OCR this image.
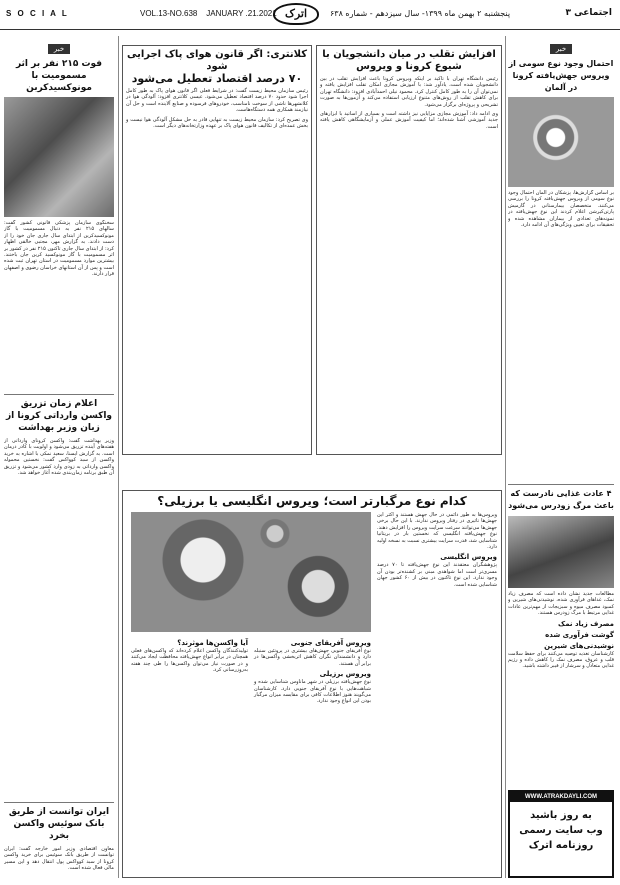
S O C I A L	VOL.13-NO.638 JANUARY .21.2021 اترک	پنجشنبه ۲ بهمن ماه ۱۳۹۹- سال سیزدهم - شماره ۶۳۸	اجتماعی ۳
خبر
فوت ۲۱۵ نفر بر اثر مسمومیت با مونوکسیدکربن
سخنگوی سازمان پزشکی قانونی کشور گفت: سالهای ۲۱۵ نفر به دنبال مسمومیت با گاز مونوکسیدکربن از ابتدای سال جاری جان خود را از دست دادند. به گزارش مهر، مجتبی خالقی اظهار کرد: از ابتدای سال جاری تاکنون ۲۱۵ نفر در کشور بر اثر مسمومیت با گاز مونوکسید کربن جان باختند. بیشترین موارد مسمومیت در استان تهران ثبت شده است و پس از آن استانهای خراسان رضوی و اصفهان قرار دارند.
اعلام زمان تزریق واکسن وارداتی کرونا از زبان وزیر بهداشت
وزیر بهداشت گفت: واکسن کرونای وارداتی از هفته‌های آینده تزریق می‌شود و اولویت با کادر درمان است. به گزارش ایسنا، سعید نمکی با اشاره به خرید واکسن از سبد کوواکس گفت: نخستین محموله واکسن وارداتی به زودی وارد کشور می‌شود و تزریق آن طبق برنامه زمان‌بندی شده آغاز خواهد شد.
ایران توانست از طریق بانک سوئیس واکسن بخرد
معاون اقتصادی وزیر امور خارجه گفت: ایران توانست از طریق بانک سوئیس برای خرید واکسن کرونا از سبد کوواکس پول انتقال دهد و این مسیر مالی فعال شده است.
کلانتری: اگر قانون هوای پاک اجرایی شود
۷۰ درصد اقتصاد تعطیل می‌شود
رئیس سازمان محیط زیست گفت: در شرایط فعلی اگر قانون هوای پاک به طور کامل اجرا شود حدود ۷۰ درصد اقتصاد تعطیل می‌شود. عیسی کلانتری افزود: آلودگی هوا در کلانشهرها ناشی از سوخت نامناسب، خودروهای فرسوده و صنایع آلاینده است و حل آن نیازمند همکاری همه دستگاه‌هاست.
وی تصریح کرد: سازمان محیط زیست به تنهایی قادر به حل مشکل آلودگی هوا نیست و بخش عمده‌ای از تکالیف قانون هوای پاک بر عهده وزارتخانه‌های دیگر است.
افزایش تقلب در میان دانشجویان با شیوع کرونا و ویروس
رئیس دانشگاه تهران با تاکید بر اینکه ویروس کرونا باعث افزایش تقلب در بین دانشجویان شده است، یادآور شد: با آموزش مجازی امکان تقلب افزایش یافته و نمی‌توان آن را به طور کامل کنترل کرد. محمود نیلی احمدآبادی افزود: دانشگاه تهران برای کاهش تقلب از روش‌های متنوع ارزیابی استفاده می‌کند و آزمون‌ها به صورت تشریحی و پروژه‌ای برگزار می‌شود.
وی ادامه داد: آموزش مجازی مزایایی نیز داشته است و بسیاری از اساتید با ابزارهای جدید آموزشی آشنا شده‌اند؛ اما کیفیت آموزش عملی و آزمایشگاهی کاهش یافته است.
خبر
احتمال وجود نوع سومی از ویروس جهش‌یافته کرونا در آلمان
بر اساس گزارش‌ها، پزشکان در آلمان احتمال وجود نوع سومی از ویروس جهش‌یافته کرونا را بررسی می‌کنند. متخصصان بیمارستانی در گارمیش پارتن‌کیرشن اعلام کردند این نوع جهش‌یافته در نمونه‌های تعدادی از بیماران مشاهده شده و تحقیقات برای تعیین ویژگی‌های آن ادامه دارد.
۴ عادت غذایی نادرست که باعث مرگ زودرس می‌شود
مطالعات جدید نشان داده است که مصرف زیاد نمک، غذاهای فرآوری شده، نوشیدنی‌های شیرین و کمبود مصرف میوه و سبزیجات از مهم‌ترین عادات غذایی مرتبط با مرگ زودرس هستند.
مصرف زیاد نمک
گوشت فرآوری شده
نوشیدنی‌های شیرین
کارشناسان تغذیه توصیه می‌کنند برای حفظ سلامت قلب و عروق، مصرف نمک را کاهش داده و رژیم غذایی متعادل و سرشار از فیبر داشته باشید.
کدام نوع مرگبارتر است؛ ویروس انگلیسی یا برزیلی؟
ویروس‌ها به طور دائمی در حال جهش هستند و اکثر این جهش‌ها تاثیری در رفتار ویروس ندارند. با این حال برخی جهش‌ها می‌توانند سرعت سرایت ویروس را افزایش دهند. نوع جهش‌یافته انگلیسی که نخستین بار در بریتانیا شناسایی شد، قدرت سرایت بیشتری نسبت به نسخه اولیه دارد.
ویروس انگلیسی
پژوهشگران معتقدند این نوع جهش‌یافته تا ۷۰ درصد مسری‌تر است اما شواهدی مبنی بر کشنده‌تر بودن آن وجود ندارد. این نوع تاکنون در بیش از ۶۰ کشور جهان شناسایی شده است.
ویروس آفریقای جنوبی
نوع آفریقای جنوبی جهش‌های بیشتری در پروتئین سنبله دارد و دانشمندان نگران کاهش اثربخشی واکسن‌ها در برابر آن هستند.
ویروس برزیلی
نوع جهش‌یافته برزیلی در شهر ماناوس شناسایی شده و شباهت‌هایی با نوع آفریقای جنوبی دارد. کارشناسان می‌گویند هنوز اطلاعات کافی برای مقایسه میزان مرگبار بودن این انواع وجود ندارد.
آیا واکسن‌ها موثرند؟
تولیدکنندگان واکسن اعلام کرده‌اند که واکسن‌های فعلی همچنان در برابر انواع جهش‌یافته محافظت ایجاد می‌کنند و در صورت نیاز می‌توان واکسن‌ها را طی چند هفته به‌روزرسانی کرد.
WWW.ATRAKDAYLI.COM
به روز باشید
وب سایت رسمی
روزنامه اترک
